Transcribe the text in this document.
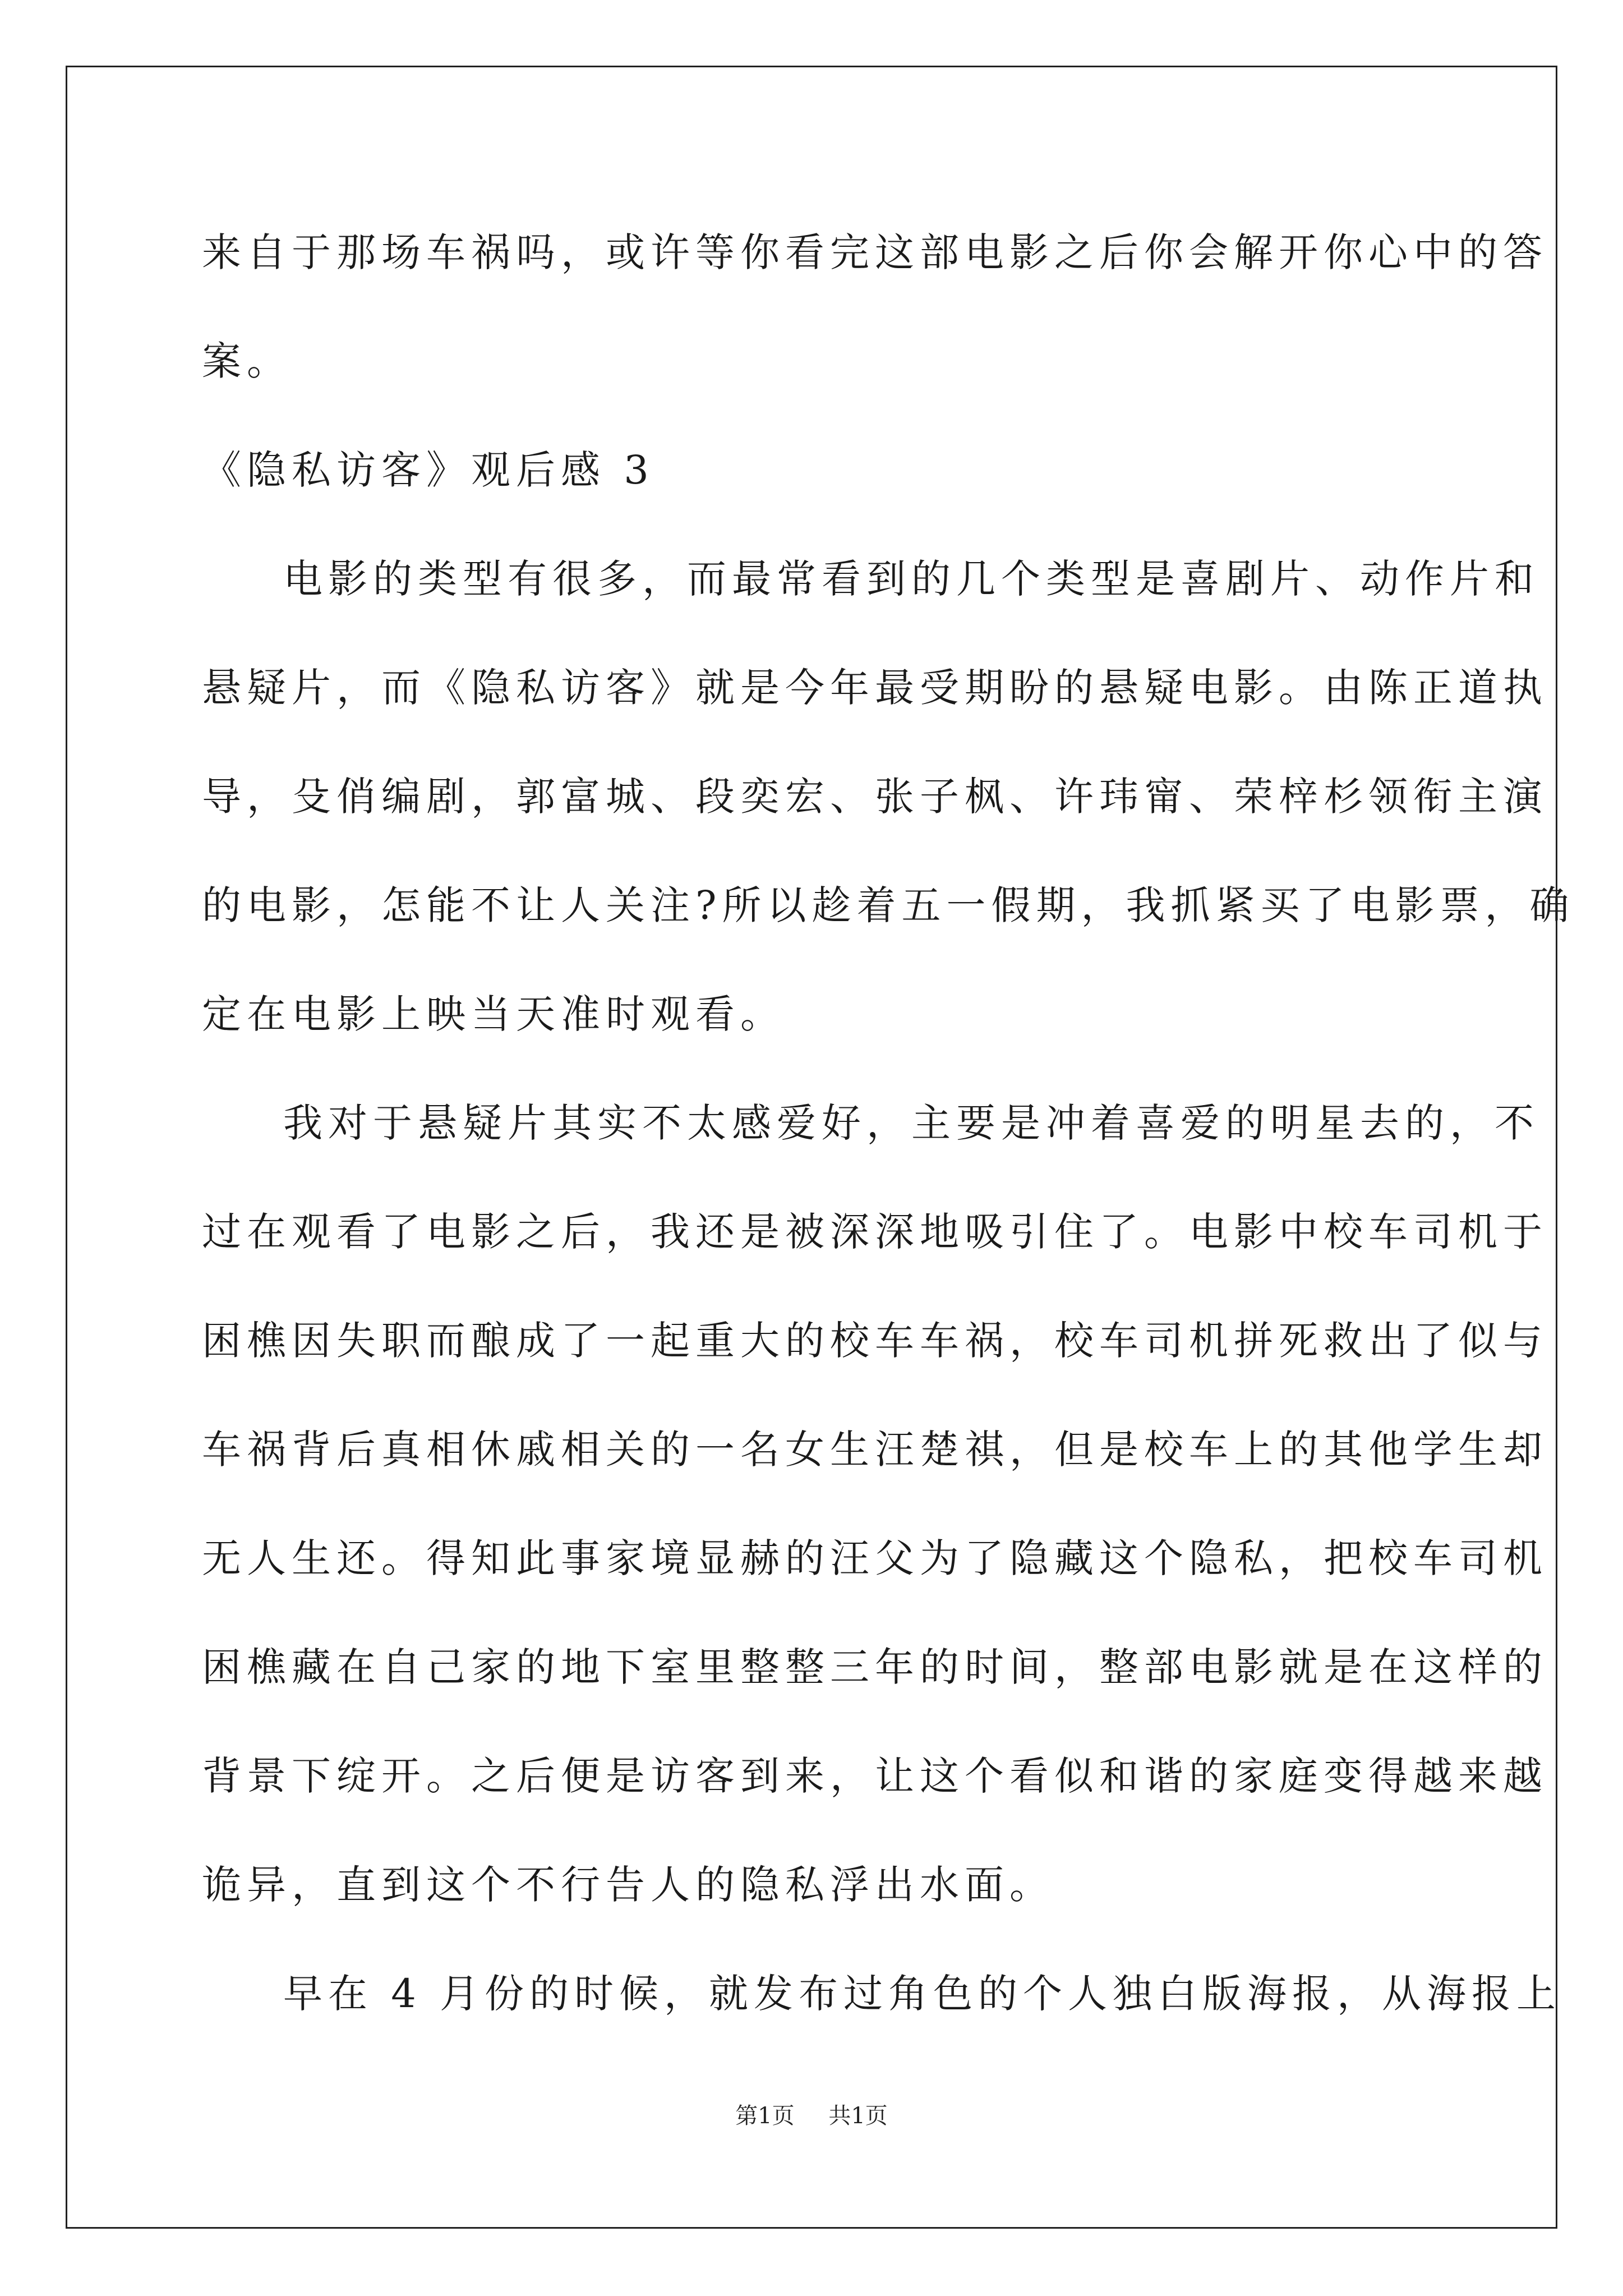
来自于那场车祸吗，或许等你看完这部电影之后你会解开你心中的答
案。
《隐私访客》观后感 3
电影的类型有很多，而最常看到的几个类型是喜剧片、动作片和
悬疑片，而《隐私访客》就是今年最受期盼的悬疑电影。由陈正道执
导，殳俏编剧，郭富城、段奕宏、张子枫、许玮甯、荣梓杉领衔主演
的电影，怎能不让人关注?所以趁着五一假期，我抓紧买了电影票，确
定在电影上映当天准时观看。
我对于悬疑片其实不太感爱好，主要是冲着喜爱的明星去的，不
过在观看了电影之后，我还是被深深地吸引住了。电影中校车司机于
困樵因失职而酿成了一起重大的校车车祸，校车司机拼死救出了似与
车祸背后真相休戚相关的一名女生汪楚祺，但是校车上的其他学生却
无人生还。得知此事家境显赫的汪父为了隐藏这个隐私，把校车司机
困樵藏在自己家的地下室里整整三年的时间，整部电影就是在这样的
背景下绽开。之后便是访客到来，让这个看似和谐的家庭变得越来越
诡异，直到这个不行告人的隐私浮出水面。
早在 4 月份的时候，就发布过角色的个人独白版海报，从海报上
第1页 共1页
